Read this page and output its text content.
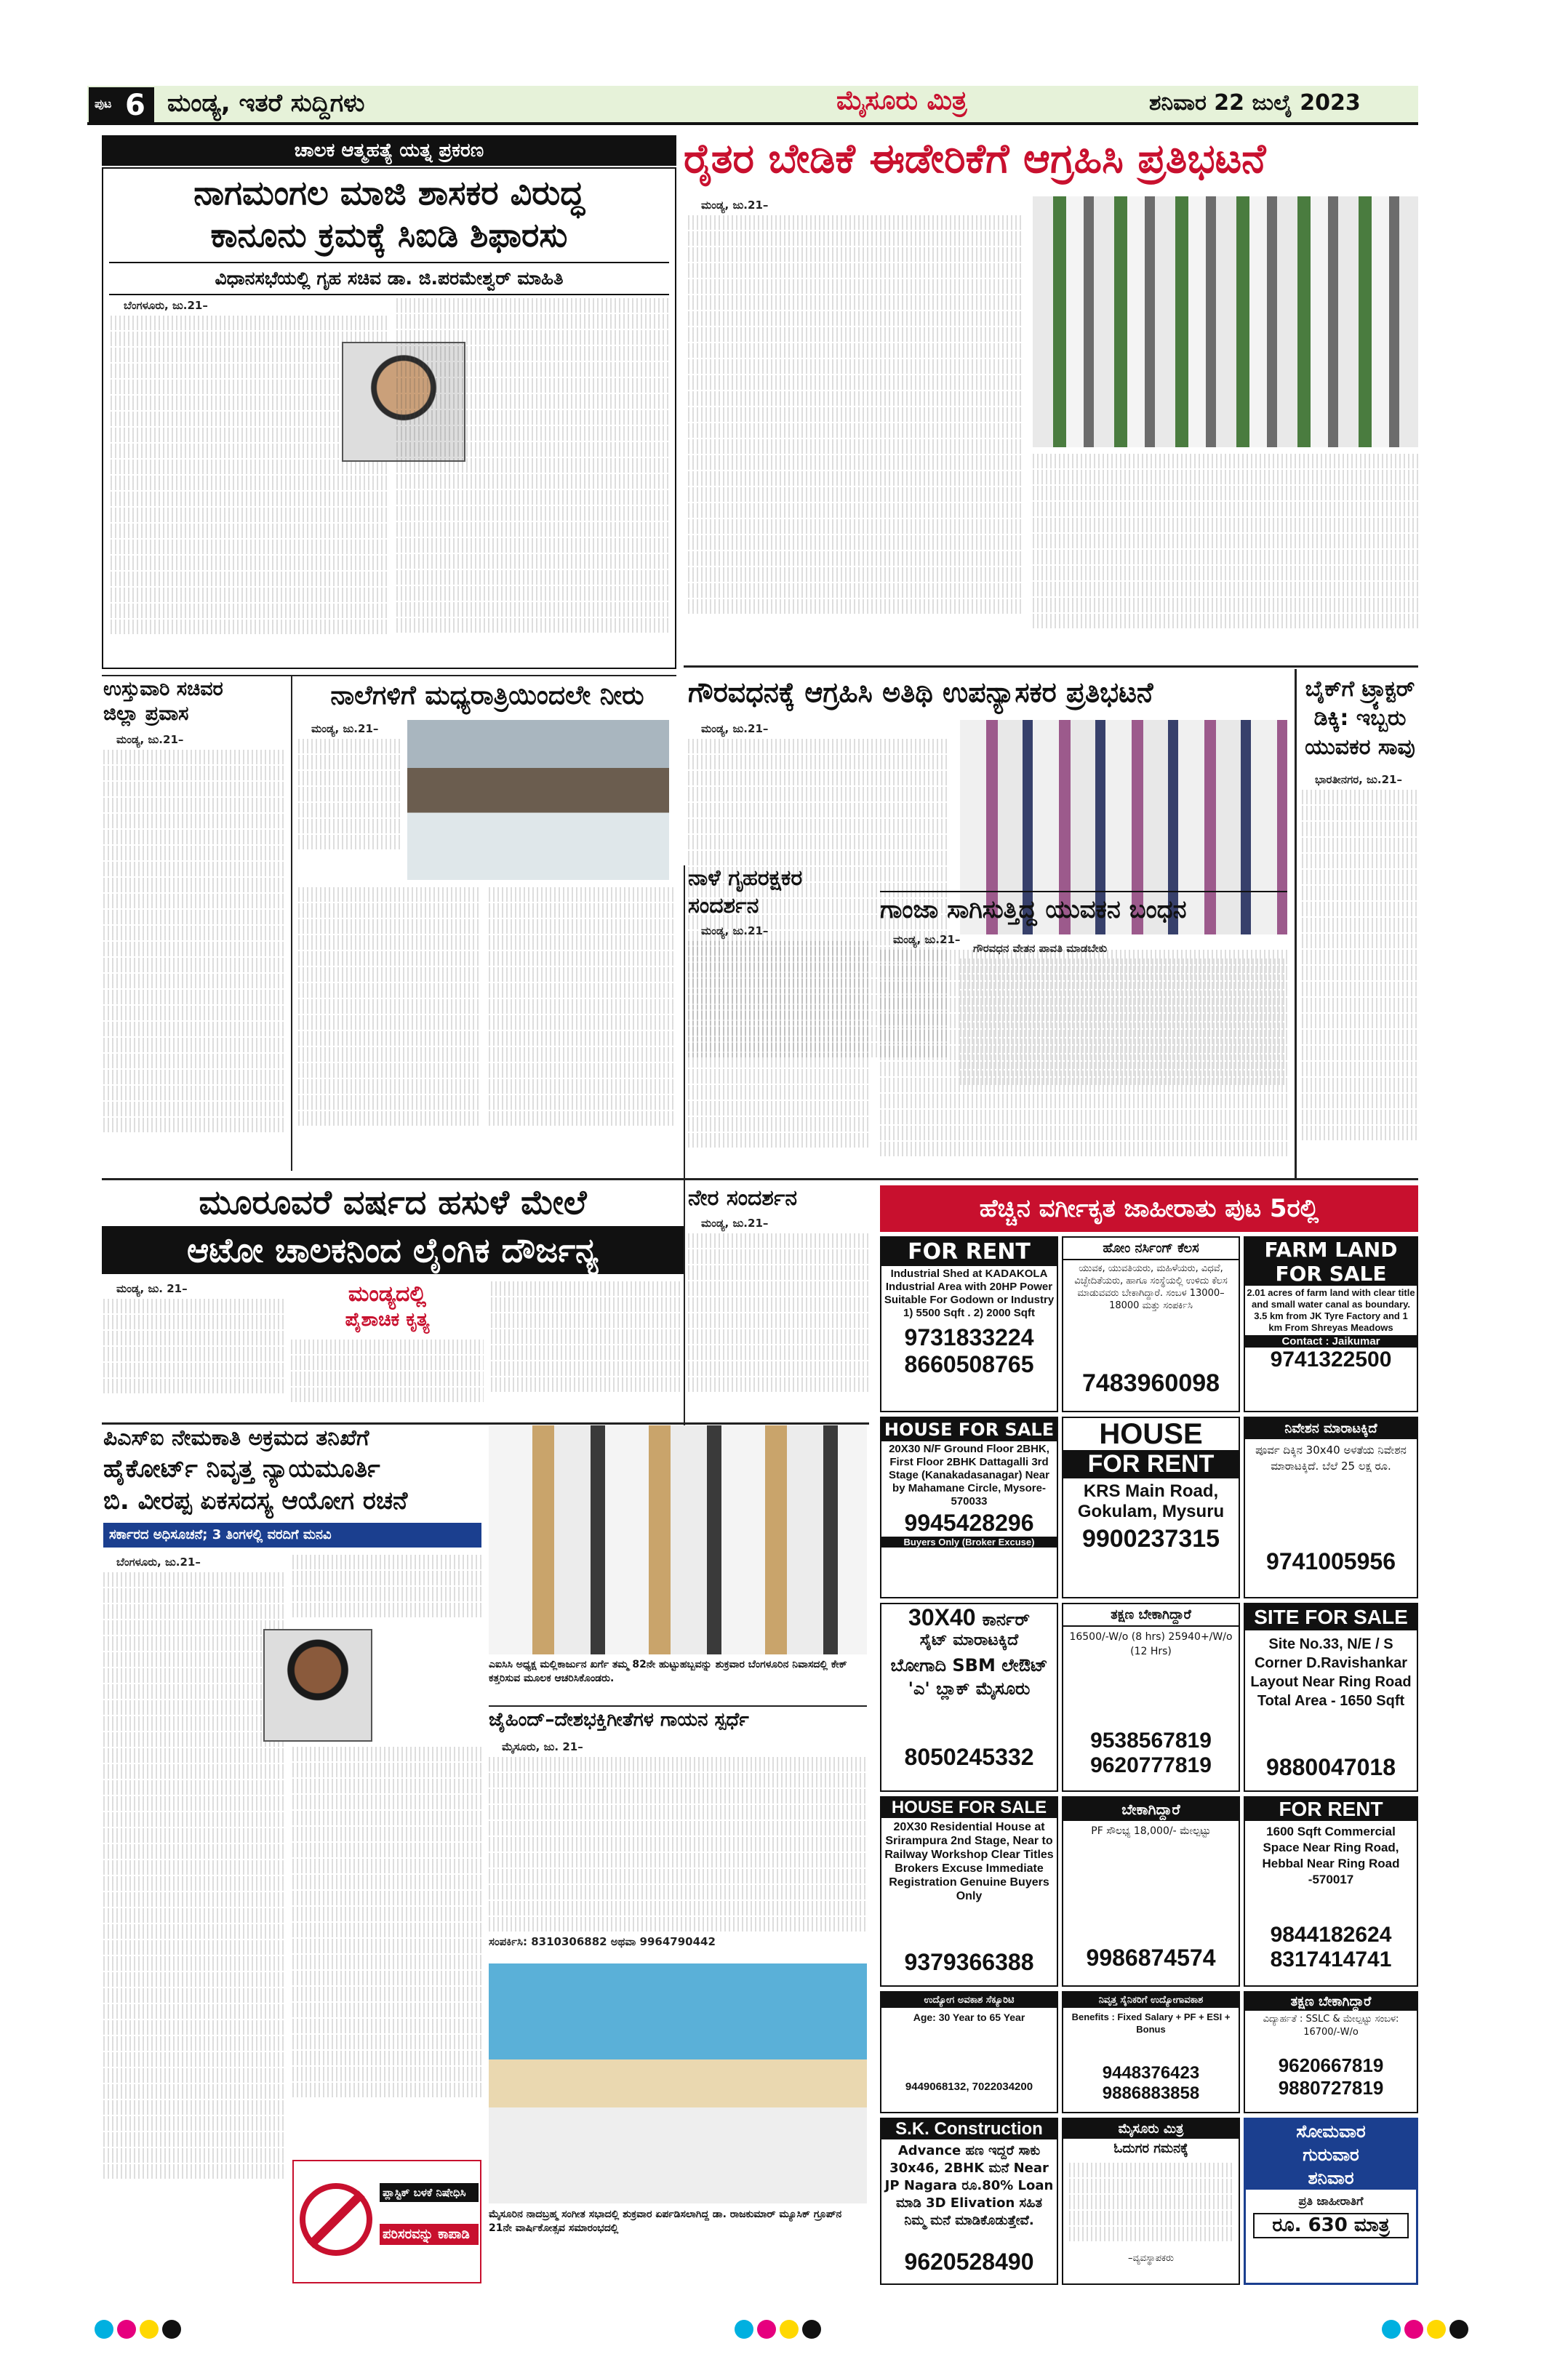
ಪುಟ 6 ಮಂಡ್ಯ, ಇತರೆ ಸುದ್ದಿಗಳು	ಮೈಸೂರು ಮಿತ್ರ	ಶನಿವಾರ 22 ಜುಲೈ 2023
ಚಾಲಕ ಆತ್ಮಹತ್ಯೆ ಯತ್ನ ಪ್ರಕರಣ
ನಾಗಮಂಗಲ ಮಾಜಿ ಶಾಸಕರ ವಿರುದ್ಧ
ಕಾನೂನು ಕ್ರಮಕ್ಕೆ ಸಿಐಡಿ ಶಿಫಾರಸು
ವಿಧಾನಸಭೆಯಲ್ಲಿ ಗೃಹ ಸಚಿವ ಡಾ. ಜಿ.ಪರಮೇಶ್ವರ್ ಮಾಹಿತಿ

ಬೆಂಗಳೂರು, ಜು.21–

ರೈತರ ಬೇಡಿಕೆ ಈಡೇರಿಕೆಗೆ ಆಗ್ರಹಿಸಿ ಪ್ರತಿಭಟನೆ

ಮಂಡ್ಯ, ಜು.21–

ಗೌರವಧನಕ್ಕೆ ಆಗ್ರಹಿಸಿ ಅತಿಥಿ ಉಪನ್ಯಾಸಕರ ಪ್ರತಿಭಟನೆ

ಮಂಡ್ಯ, ಜು.21–

ಗೌರವಧನ ವೇತನ ಪಾವತಿ ಮಾಡಬೇಕು

ಬೈಕ್‌ಗೆ ಟ್ರ್ಯಾಕ್ಟರ್
ಡಿಕ್ಕಿ: ಇಬ್ಬರು
ಯುವಕರ ಸಾವು

ಭಾರತೀನಗರ, ಜು.21–

ಉಸ್ತುವಾರಿ ಸಚಿವರ
ಜಿಲ್ಲಾ ಪ್ರವಾಸ

ಮಂಡ್ಯ, ಜು.21–

ನಾಲೆಗಳಿಗೆ ಮಧ್ಯರಾತ್ರಿಯಿಂದಲೇ ನೀರು

ಮಂಡ್ಯ, ಜು.21–

ನಾಳೆ ಗೃಹರಕ್ಷಕರ
ಸಂದರ್ಶನ

ಮಂಡ್ಯ, ಜು.21–

ಗಾಂಜಾ ಸಾಗಿಸುತ್ತಿದ್ದ ಯುವಕನ ಬಂಧನ

ಮಂಡ್ಯ, ಜು.21–

ಮೂರೂವರೆ ವರ್ಷದ ಹಸುಳೆ ಮೇಲೆ
ಆಟೋ ಚಾಲಕನಿಂದ ಲೈಂಗಿಕ ದೌರ್ಜನ್ಯ

ಮಂಡ್ಯ, ಜು. 21–	ಮಂಡ್ಯದಲ್ಲಿ
ಪೈಶಾಚಿಕ ಕೃತ್ಯ
ನೇರ ಸಂದರ್ಶನ

ಮಂಡ್ಯ, ಜು.21–	ಹೆಚ್ಚಿನ ವರ್ಗೀಕೃತ ಜಾಹೀರಾತು ಪುಟ 5ರಲ್ಲಿ
FOR RENT
Industrial Shed at KADAKOLA Industrial Area with 20HP Power Suitable For Godown or Industry 1) 5500 Sqft . 2) 2000 Sqft
9731833224
8660508765
ಹೋಂ ನರ್ಸಿಂಗ್ ಕೆಲಸ
ಯುವಕ, ಯುವತಿಯರು, ಮಹಿಳೆಯರು, ವಿಧವೆ, ವಿಚ್ಛೇದಿತೆಯರು, ಹಾಗೂ ಸಂಸ್ಥೆಯಲ್ಲಿ ಉಳಿದು ಕೆಲಸ ಮಾಡುವವರು ಬೇಕಾಗಿದ್ದಾರೆ. ಸಂಬಳ 13000– 18000 ಮತ್ತು ಸಂಪರ್ಕಿಸಿ
7483960098
FARM LAND
FOR SALE
2.01 acres of farm land with clear title and small water canal as boundary. 3.5 km from JK Tyre Factory and 1 km From Shreyas Meadows
Contact : Jaikumar
9741322500
HOUSE FOR SALE
20X30 N/F Ground Floor 2BHK, First Floor 2BHK Dattagalli 3rd Stage (Kanakadasanagar) Near by Mahamane Circle, Mysore-570033
9945428296
Buyers Only (Broker Excuse)
HOUSE
FOR RENT
KRS Main Road, Gokulam, Mysuru
9900237315
ನಿವೇಶನ ಮಾರಾಟಕ್ಕಿದೆ
ಪೂರ್ವ ದಿಕ್ಕಿನ 30x40 ಅಳತೆಯ ನಿವೇಶನ ಮಾರಾಟಕ್ಕಿದೆ. ಬೆಲೆ 25 ಲಕ್ಷ ರೂ.
9741005956
30X40 ಕಾರ್ನರ್
ಸೈಟ್ ಮಾರಾಟಕ್ಕಿದೆ
ಬೋಗಾದಿ SBM ಲೇಔಟ್ 'ಎ' ಬ್ಲಾಕ್ ಮೈಸೂರು
8050245332
ತಕ್ಷಣ ಬೇಕಾಗಿದ್ದಾರೆ
16500/-W/o (8 hrs) 25940+/W/o (12 Hrs)
9538567819
9620777819
SITE FOR SALE
Site No.33, N/E / S Corner D.Ravishankar Layout Near Ring Road Total Area - 1650 Sqft
9880047018
HOUSE FOR SALE
20X30 Residential House at Srirampura 2nd Stage, Near to Railway Workshop Clear Titles Brokers Excuse Immediate Registration Genuine Buyers Only
9379366388
ಬೇಕಾಗಿದ್ದಾರೆ
PF ಸೌಲಭ್ಯ 18,000/- ಮೇಲ್ಪಟ್ಟು
9986874574
FOR RENT
1600 Sqft Commercial Space Near Ring Road, Hebbal Near Ring Road -570017
9844182624
8317414741
ಉದ್ಯೋಗ ಅವಕಾಶ ಸೆಕ್ಯೂರಿಟಿ
Age: 30 Year to 65 Year
9449068132, 7022034200
ನಿವೃತ್ತ ಸೈನಿಕರಿಗೆ ಉದ್ಯೋಗಾವಕಾಶ
Benefits : Fixed Salary + PF + ESI + Bonus
9448376423
9886883858
ತಕ್ಷಣ ಬೇಕಾಗಿದ್ದಾರೆ
ವಿದ್ಯಾರ್ಹತೆ : SSLC & ಮೇಲ್ಪಟ್ಟು ಸಂಬಳ: 16700/-W/o
9620667819
9880727819
S.K. Construction
Advance ಹಣ ಇದ್ದರೆ ಸಾಕು 30x46, 2BHK ಮನೆ Near JP Nagara ರೂ.80% Loan ಮಾಡಿ 3D Elivation ಸಹಿತ ನಿಮ್ಮ ಮನೆ ಮಾಡಿಕೊಡುತ್ತೇವೆ.
9620528490
ಮೈಸೂರು ಮಿತ್ರ
ಓದುಗರ ಗಮನಕ್ಕೆ
–ವ್ಯವಸ್ಥಾಪಕರು
ಸೋಮವಾರ
ಗುರುವಾರ
ಶನಿವಾರ
ಪ್ರತಿ ಜಾಹೀರಾತಿಗೆ
ರೂ. 630 ಮಾತ್ರ
ಪಿಎಸ್‌ಐ ನೇಮಕಾತಿ ಅಕ್ರಮದ ತನಿಖೆಗೆ
ಹೈಕೋರ್ಟ್ ನಿವೃತ್ತ ನ್ಯಾಯಮೂರ್ತಿ
ಬಿ. ವೀರಪ್ಪ ಏಕಸದಸ್ಯ ಆಯೋಗ ರಚನೆ
ಸರ್ಕಾರದ ಅಧಿಸೂಚನೆ; 3 ತಿಂಗಳಲ್ಲಿ ವರದಿಗೆ ಮನವಿ

ಬೆಂಗಳೂರು, ಜು.21–

ಪ್ಲಾಸ್ಟಿಕ್ ಬಳಕೆ ನಿಷೇಧಿಸಿ
ಪರಿಸರವನ್ನು ಕಾಪಾಡಿ
ಎಐಸಿಸಿ ಅಧ್ಯಕ್ಷ ಮಲ್ಲಿಕಾರ್ಜುನ ಖರ್ಗೆ ತಮ್ಮ 82ನೇ ಹುಟ್ಟುಹಬ್ಬವನ್ನು ಶುಕ್ರವಾರ ಬೆಂಗಳೂರಿನ ನಿವಾಸದಲ್ಲಿ ಕೇಕ್ ಕತ್ತರಿಸುವ ಮೂಲಕ ಆಚರಿಸಿಕೊಂಡರು.
ಜೈಹಿಂದ್–ದೇಶಭಕ್ತಿಗೀತೆಗಳ ಗಾಯನ ಸ್ಪರ್ಧೆ

ಮೈಸೂರು, ಜು. 21–

ಸಂಪರ್ಕಿಸಿ: 8310306882 ಅಥವಾ 9964790442

ಮೈಸೂರಿನ ನಾದಬ್ರಹ್ಮ ಸಂಗೀತ ಸಭಾದಲ್ಲಿ ಶುಕ್ರವಾರ ಏರ್ಪಡಿಸಲಾಗಿದ್ದ ಡಾ. ರಾಜಕುಮಾರ್ ಮ್ಯೂಸಿಕ್ ಗ್ರೂಪ್‌ನ 21ನೇ ವಾರ್ಷಿಕೋತ್ಸವ ಸಮಾರಂಭದಲ್ಲಿ
